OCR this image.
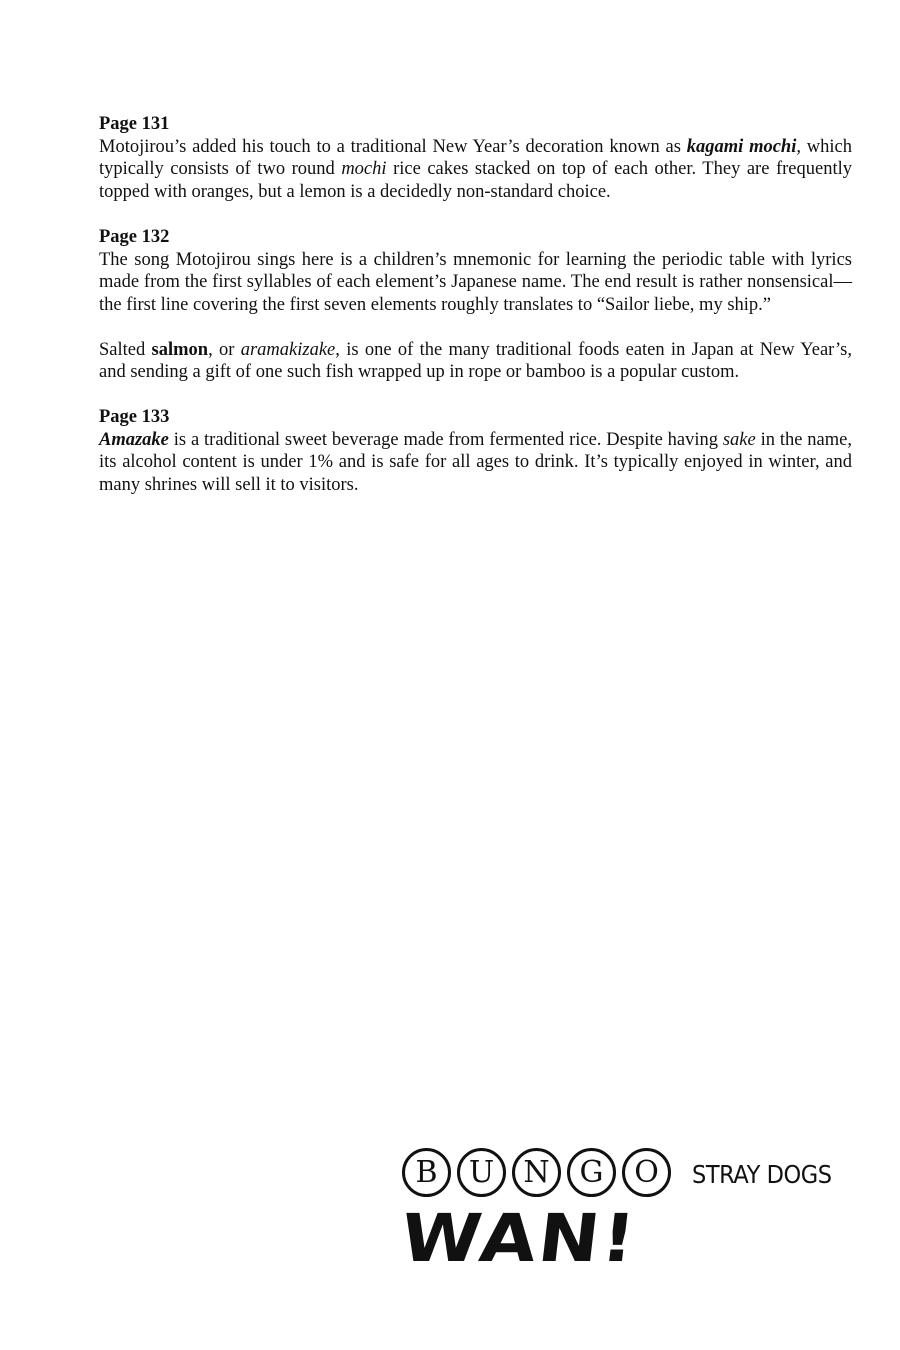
Page 131

Motojirou’s added his touch to a traditional New Year’s decoration known as kagami mochi, which typically consists of two round mochi rice cakes stacked on top of each other. They are frequently topped with oranges, but a lemon is a decidedly non-standard choice.

Page 132

The song Motojirou sings here is a children’s mnemonic for learning the periodic table with lyrics made from the first syllables of each element’s Japanese name. The end result is rather nonsensical—the first line covering the first seven elements roughly translates to “Sailor liebe, my ship.”

Salted salmon, or aramakizake, is one of the many traditional foods eaten in Japan at New Year’s, and sending a gift of one such fish wrapped up in rope or bamboo is a popular custom.

Page 133

Amazake is a traditional sweet beverage made from fermented rice. Despite having sake in the name, its alcohol content is under 1% and is safe for all ages to drink. It’s typically enjoyed in winter, and many shrines will sell it to visitors.

B	U N G	O	STRAY DOGS
WAN!
